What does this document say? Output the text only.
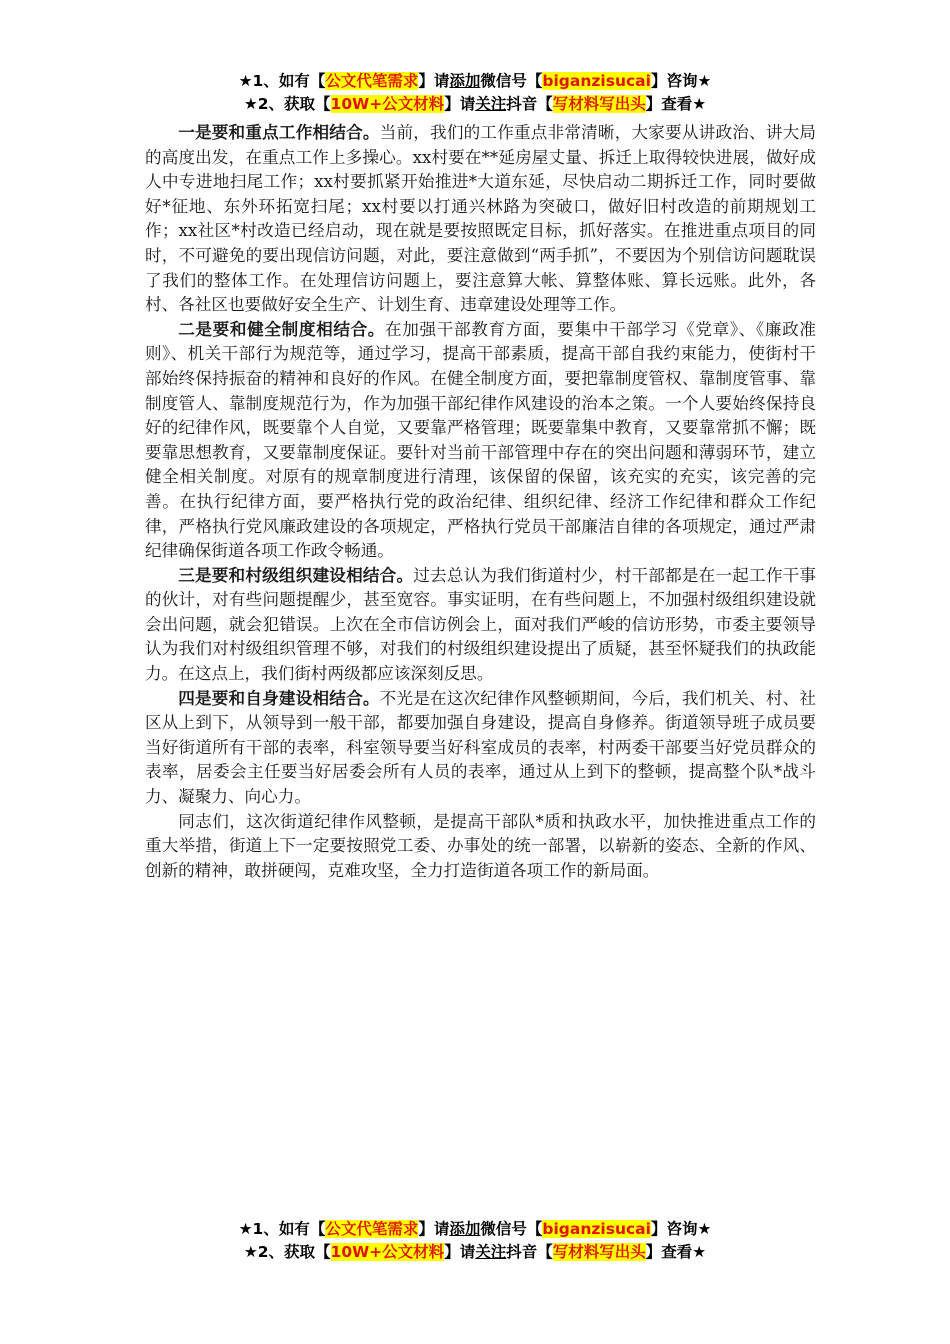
★1、如有【公文代笔需求】请添加微信号【biganzisucai】咨询★
★2、获取【10W+公文材料】请关注抖音【写材料写出头】查看★

一是要和重点工作相结合。当前，我们的工作重点非常清晰，大家要从讲政治、讲大局的高度出发，在重点工作上多操心。xx村要在**延房屋丈量、拆迁上取得较快进展，做好成人中专进地扫尾工作；xx村要抓紧开始推进*大道东延，尽快启动二期拆迁工作，同时要做好*征地、东外环拓宽扫尾；xx村要以打通兴林路为突破口，做好旧村改造的前期规划工作；xx社区*村改造已经启动，现在就是要按照既定目标，抓好落实。在推进重点项目的同时，不可避免的要出现信访问题，对此，要注意做到“两手抓”，不要因为个别信访问题耽误了我们的整体工作。在处理信访问题上，要注意算大帐、算整体账、算长远账。此外，各村、各社区也要做好安全生产、计划生育、违章建设处理等工作。

二是要和健全制度相结合。在加强干部教育方面，要集中干部学习《党章》、《廉政准则》、机关干部行为规范等，通过学习，提高干部素质，提高干部自我约束能力，使街村干部始终保持振奋的精神和良好的作风。在健全制度方面，要把靠制度管权、靠制度管事、靠制度管人、靠制度规范行为，作为加强干部纪律作风建设的治本之策。一个人要始终保持良好的纪律作风，既要靠个人自觉，又要靠严格管理；既要靠集中教育，又要靠常抓不懈；既要靠思想教育，又要靠制度保证。要针对当前干部管理中存在的突出问题和薄弱环节，建立健全相关制度。对原有的规章制度进行清理，该保留的保留，该充实的充实，该完善的完善。在执行纪律方面，要严格执行党的政治纪律、组织纪律、经济工作纪律和群众工作纪律，严格执行党风廉政建设的各项规定，严格执行党员干部廉洁自律的各项规定，通过严肃纪律确保街道各项工作政令畅通。

三是要和村级组织建设相结合。过去总认为我们街道村少，村干部都是在一起工作干事的伙计，对有些问题提醒少，甚至宽容。事实证明，在有些问题上，不加强村级组织建设就会出问题，就会犯错误。上次在全市信访例会上，面对我们严峻的信访形势，市委主要领导认为我们对村级组织管理不够，对我们的村级组织建设提出了质疑，甚至怀疑我们的执政能力。在这点上，我们街村两级都应该深刻反思。

四是要和自身建设相结合。不光是在这次纪律作风整顿期间，今后，我们机关、村、社区从上到下，从领导到一般干部，都要加强自身建设，提高自身修养。街道领导班子成员要当好街道所有干部的表率，科室领导要当好科室成员的表率，村两委干部要当好党员群众的表率，居委会主任要当好居委会所有人员的表率，通过从上到下的整顿，提高整个队*战斗力、凝聚力、向心力。

同志们，这次街道纪律作风整顿，是提高干部队*质和执政水平，加快推进重点工作的重大举措，街道上下一定要按照党工委、办事处的统一部署，以崭新的姿态、全新的作风、创新的精神，敢拼硬闯，克难攻坚，全力打造街道各项工作的新局面。

★1、如有【公文代笔需求】请添加微信号【biganzisucai】咨询★
★2、获取【10W+公文材料】请关注抖音【写材料写出头】查看★
